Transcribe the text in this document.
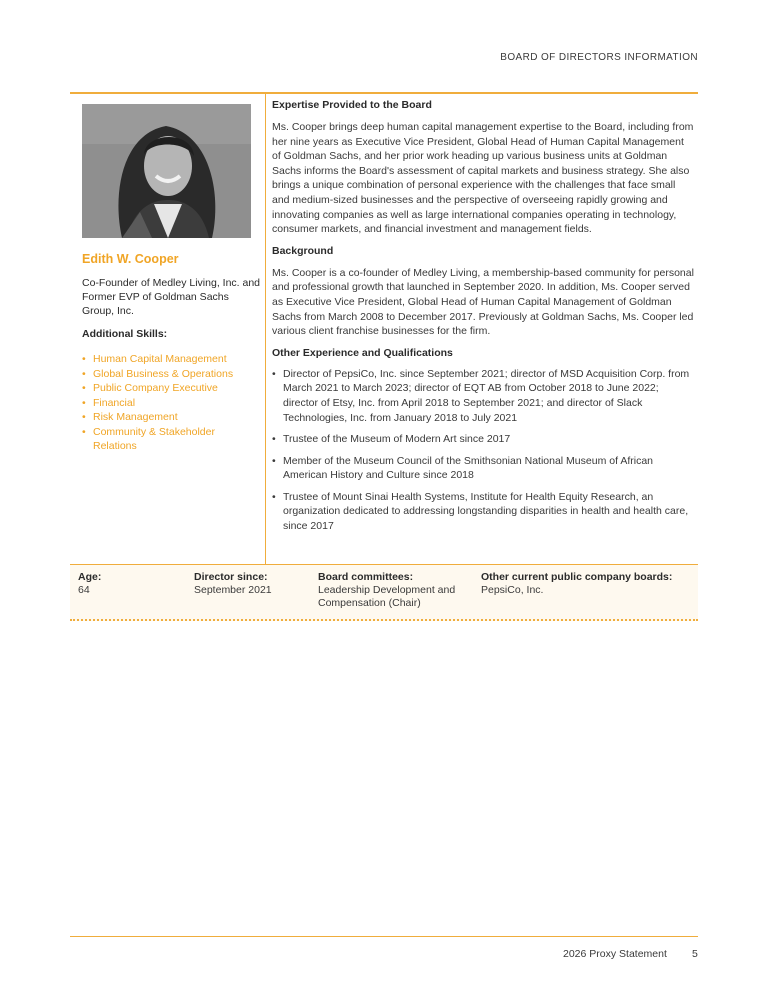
BOARD OF DIRECTORS INFORMATION
Edith W. Cooper
Co-Founder of Medley Living, Inc. and Former EVP of Goldman Sachs Group, Inc.
Additional Skills:
• Human Capital Management
• Global Business & Operations
• Public Company Executive
• Financial
• Risk Management
• Community & Stakeholder Relations
Expertise Provided to the Board

Ms. Cooper brings deep human capital management expertise to the Board, including from her nine years as Executive Vice President, Global Head of Human Capital Management of Goldman Sachs, and her prior work heading up various business units at Goldman Sachs informs the Board's assessment of capital markets and business strategy. She also brings a unique combination of personal experience with the challenges that face small and medium-sized businesses and the perspective of overseeing rapidly growing and innovating companies as well as large international companies operating in technology, consumer markets, and financial investment and management fields.

Background

Ms. Cooper is a co-founder of Medley Living, a membership-based community for personal and professional growth that launched in September 2020. In addition, Ms. Cooper served as Executive Vice President, Global Head of Human Capital Management of Goldman Sachs from March 2008 to December 2017. Previously at Goldman Sachs, Ms. Cooper led various client franchise businesses for the firm.

Other Experience and Qualifications
• Director of PepsiCo, Inc. since September 2021; director of MSD Acquisition Corp. from March 2021 to March 2023; director of EQT AB from October 2018 to June 2022; director of Etsy, Inc. from April 2018 to September 2021; and director of Slack Technologies, Inc. from January 2018 to July 2021
• Trustee of the Museum of Modern Art since 2017
• Member of the Museum Council of the Smithsonian National Museum of African American History and Culture since 2018
• Trustee of Mount Sinai Health Systems, Institute for Health Equity Research, an organization dedicated to addressing longstanding disparities in health and health care, since 2017
Age:
64
Director since:
September 2021
Board committees:
Leadership Development and Compensation (Chair)
Other current public company boards:
PepsiCo, Inc.
2026 Proxy Statement 5
